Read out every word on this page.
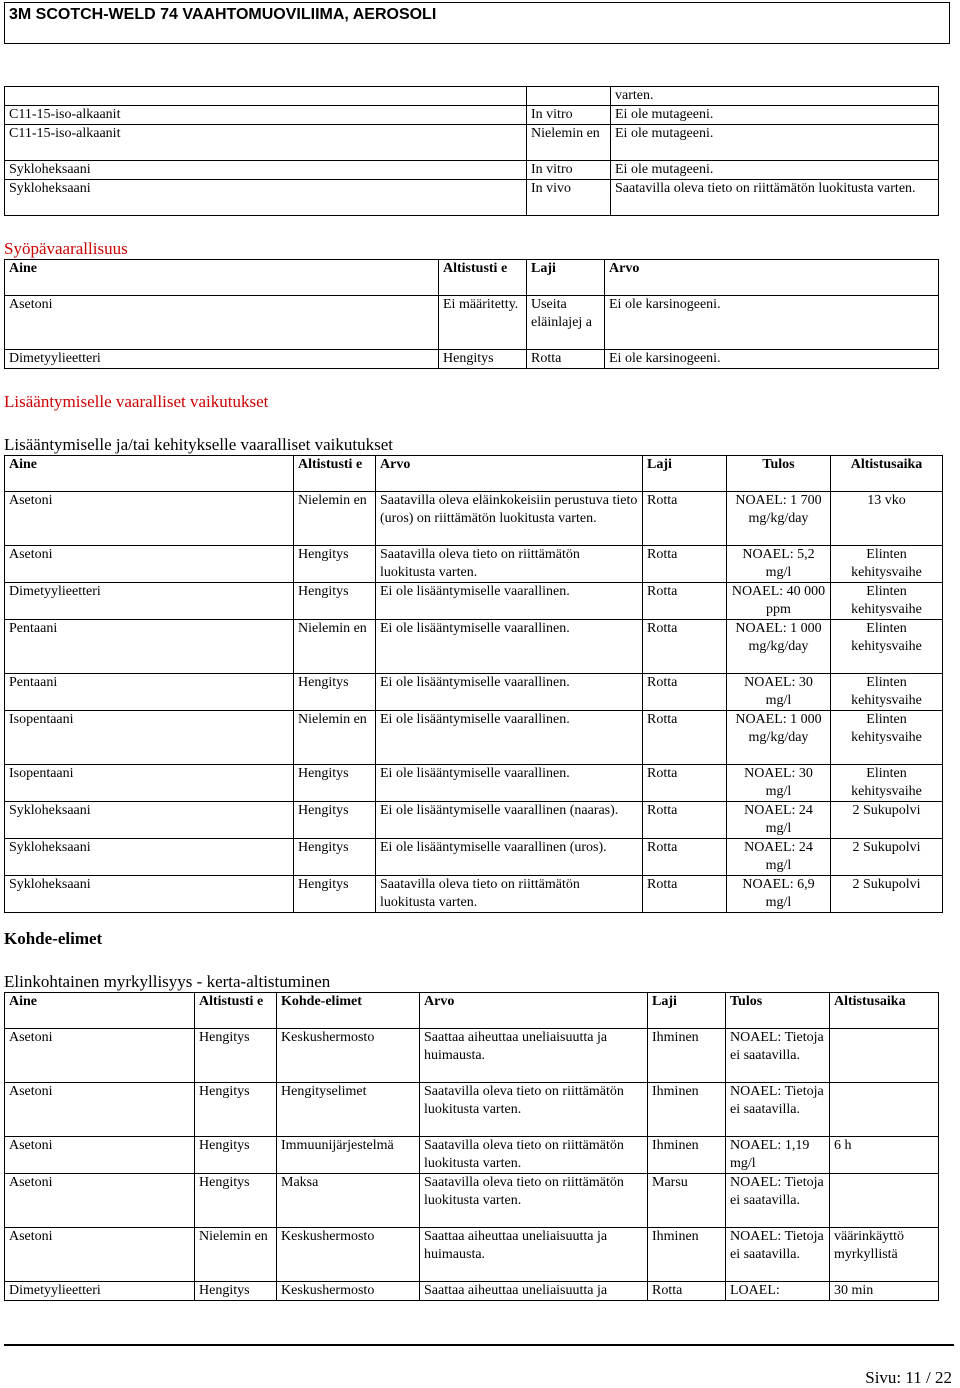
3M SCOTCH-WELD 74 VAAHTOMUOVILIIMA, AEROSOLI
		varten.
C11-15-iso-alkaanit	In vitro	Ei ole mutageeni.
C11-15-iso-alkaanit	Nielemin en	Ei ole mutageeni.
Sykloheksaani	In vitro	Ei ole mutageeni.
Sykloheksaani	In vivo	Saatavilla oleva tieto on riittämätön luokitusta varten.
Syöpävaarallisuus
Aine	Altistusti e	Laji	Arvo
Asetoni	Ei määritetty.	Useita eläinlajej a	Ei ole karsinogeeni.
Dimetyylieetteri	Hengitys	Rotta	Ei ole karsinogeeni.
Lisääntymiselle vaaralliset vaikutukset
Lisääntymiselle ja/tai kehitykselle vaaralliset vaikutukset
Aine	Altistusti e	Arvo	Laji	Tulos	Altistusaika
Asetoni	Nielemin en	Saatavilla oleva eläinkokeisiin perustuva tieto (uros) on riittämätön luokitusta varten.	Rotta	NOAEL: 1 700 mg/kg/day	13 vko
Asetoni	Hengitys	Saatavilla oleva tieto on riittämätön luokitusta varten.	Rotta	NOAEL: 5,2 mg/l	Elinten kehitysvaihe
Dimetyylieetteri	Hengitys	Ei ole lisääntymiselle vaarallinen.	Rotta	NOAEL: 40 000 ppm	Elinten kehitysvaihe
Pentaani	Nielemin en	Ei ole lisääntymiselle vaarallinen.	Rotta	NOAEL: 1 000 mg/kg/day	Elinten kehitysvaihe
Pentaani	Hengitys	Ei ole lisääntymiselle vaarallinen.	Rotta	NOAEL: 30 mg/l	Elinten kehitysvaihe
Isopentaani	Nielemin en	Ei ole lisääntymiselle vaarallinen.	Rotta	NOAEL: 1 000 mg/kg/day	Elinten kehitysvaihe
Isopentaani	Hengitys	Ei ole lisääntymiselle vaarallinen.	Rotta	NOAEL: 30 mg/l	Elinten kehitysvaihe
Sykloheksaani	Hengitys	Ei ole lisääntymiselle vaarallinen (naaras).	Rotta	NOAEL: 24 mg/l	2 Sukupolvi
Sykloheksaani	Hengitys	Ei ole lisääntymiselle vaarallinen (uros).	Rotta	NOAEL: 24 mg/l	2 Sukupolvi
Sykloheksaani	Hengitys	Saatavilla oleva tieto on riittämätön luokitusta varten.	Rotta	NOAEL: 6,9 mg/l	2 Sukupolvi
Kohde-elimet
Elinkohtainen myrkyllisyys - kerta-altistuminen
Aine	Altistusti e	Kohde-elimet	Arvo	Laji	Tulos	Altistusaika
Asetoni	Hengitys	Keskushermosto	Saattaa aiheuttaa uneliaisuutta ja huimausta.	Ihminen	NOAEL: Tietoja ei saatavilla.	
Asetoni	Hengitys	Hengityselimet	Saatavilla oleva tieto on riittämätön luokitusta varten.	Ihminen	NOAEL: Tietoja ei saatavilla.	
Asetoni	Hengitys	Immuunijärjestelmä	Saatavilla oleva tieto on riittämätön luokitusta varten.	Ihminen	NOAEL: 1,19 mg/l	6 h
Asetoni	Hengitys	Maksa	Saatavilla oleva tieto on riittämätön luokitusta varten.	Marsu	NOAEL: Tietoja ei saatavilla.	
Asetoni	Nielemin en	Keskushermosto	Saattaa aiheuttaa uneliaisuutta ja huimausta.	Ihminen	NOAEL: Tietoja ei saatavilla.	väärinkäyttö myrkyllistä
Dimetyylieetteri	Hengitys	Keskushermosto	Saattaa aiheuttaa uneliaisuutta ja	Rotta	LOAEL:	30 min
Sivu: 11 / 22
